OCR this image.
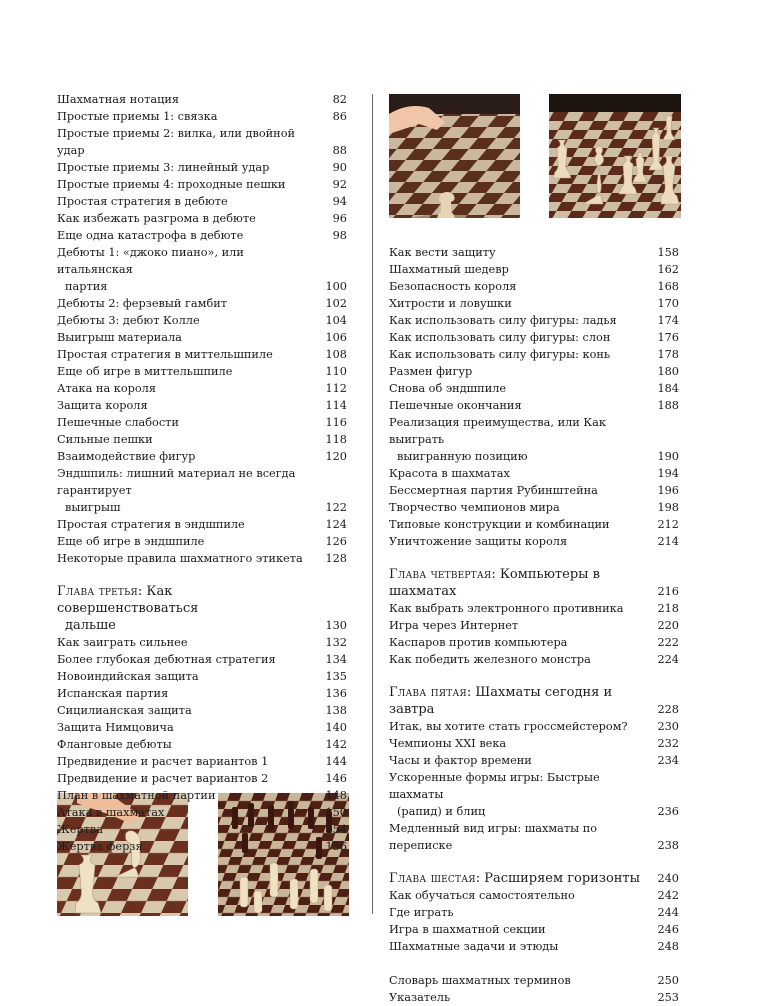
Шахматная нотация	82
Простые приемы 1: связка	86
Простые приемы 2: вилка, или двойной удар	88
Простые приемы 3: линейный удар	90
Простые приемы 4: проходные пешки	92
Простая стратегия в дебюте	94
Как избежать разгрома в дебюте	96
Еще одна катастрофа в дебюте	98
Дебюты 1: «джоко пиано», или итальянская
партия	100
Дебюты 2: ферзевый гамбит	102
Дебюты 3: дебют Колле	104
Выигрыш материала	106
Простая стратегия в миттельшпиле	108
Еще об игре в миттельшпиле	110
Атака на короля	112
Защита короля	114
Пешечные слабости	116
Сильные пешки	118
Взаимодействие фигур	120
Эндшпиль: лишний материал не всегда гарантирует
выигрыш	122
Простая стратегия в эндшпиле	124
Еще об игре в эндшпиле	126
Некоторые правила шахматного этикета	128
Глава третья: Как совершенствоваться
дальше	130
Как заиграть сильнее	132
Более глубокая дебютная стратегия	134
Новоиндийская защита	135
Испанская партия	136
Сицилианская защита	138
Защита Нимцовича	140
Фланговые дебюты	142
Предвидение и расчет вариантов 1	144
Предвидение и расчет вариантов 2	146
План в шахматной партии	148
Атака в шахматах	150
Жертва	154
Жертва ферзя	156
Как вести защиту	158
Шахматный шедевр	162
Безопасность короля	168
Хитрости и ловушки	170
Как использовать силу фигуры: ладья	174
Как использовать силу фигуры: слон	176
Как использовать силу фигуры: конь	178
Размен фигур	180
Снова об эндшпиле	184
Пешечные окончания	188
Реализация преимущества, или Как выиграть
выигранную позицию	190
Красота в шахматах	194
Бессмертная партия Рубинштейна	196
Творчество чемпионов мира	198
Типовые конструкции и комбинации	212
Уничтожение защиты короля	214
Глава четвертая: Компьютеры в шахматах	216
Как выбрать электронного противника	218
Игра через Интернет	220
Каспаров против компьютера	222
Как победить железного монстра	224
Глава пятая: Шахматы сегодня и завтра	228
Итак, вы хотите стать гроссмейстером?	230
Чемпионы XXI века	232
Часы и фактор времени	234
Ускоренные формы игры: Быстрые шахматы
(рапид) и блиц	236
Медленный вид игры: шахматы по переписке	238
Глава шестая: Расширяем горизонты	240
Как обучаться самостоятельно	242
Где играть	244
Игра в шахматной секции	246
Шахматные задачи и этюды	248
Словарь шахматных терминов	250
Указатель	253
